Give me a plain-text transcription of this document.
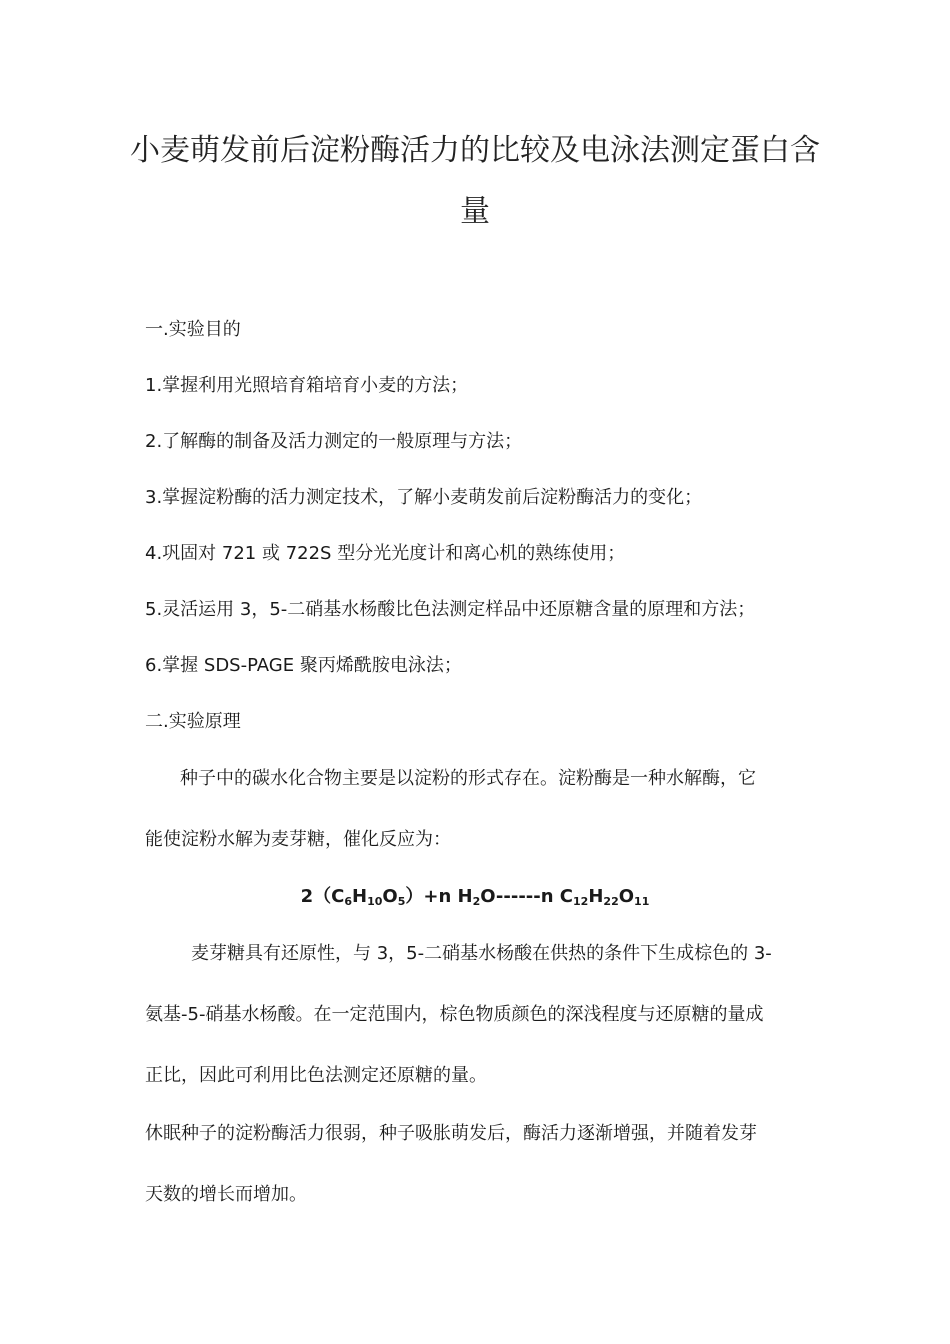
小麦萌发前后淀粉酶活力的比较及电泳法测定蛋白含
量
一.实验目的
1.掌握利用光照培育箱培育小麦的方法；
2.了解酶的制备及活力测定的一般原理与方法；
3.掌握淀粉酶的活力测定技术，了解小麦萌发前后淀粉酶活力的变化；
4.巩固对 721 或 722S 型分光光度计和离心机的熟练使用；
5.灵活运用 3，5-二硝基水杨酸比色法测定样品中还原糖含量的原理和方法；
6.掌握 SDS-PAGE 聚丙烯酰胺电泳法；
二.实验原理
种子中的碳水化合物主要是以淀粉的形式存在。淀粉酶是一种水解酶，它
能使淀粉水解为麦芽糖，催化反应为：
$2(C_6H_{10}O_5)+n$ $H_2O------n$ $C_{12}H_{22}O_{11}$
麦芽糖具有还原性，与 3，5-二硝基水杨酸在供热的条件下生成棕色的 3-
氨基-5-硝基水杨酸。在一定范围内，棕色物质颜色的深浅程度与还原糖的量成
正比，因此可利用比色法测定还原糖的量。
休眠种子的淀粉酶活力很弱，种子吸胀萌发后，酶活力逐渐增强，并随着发芽
天数的增长而增加。
